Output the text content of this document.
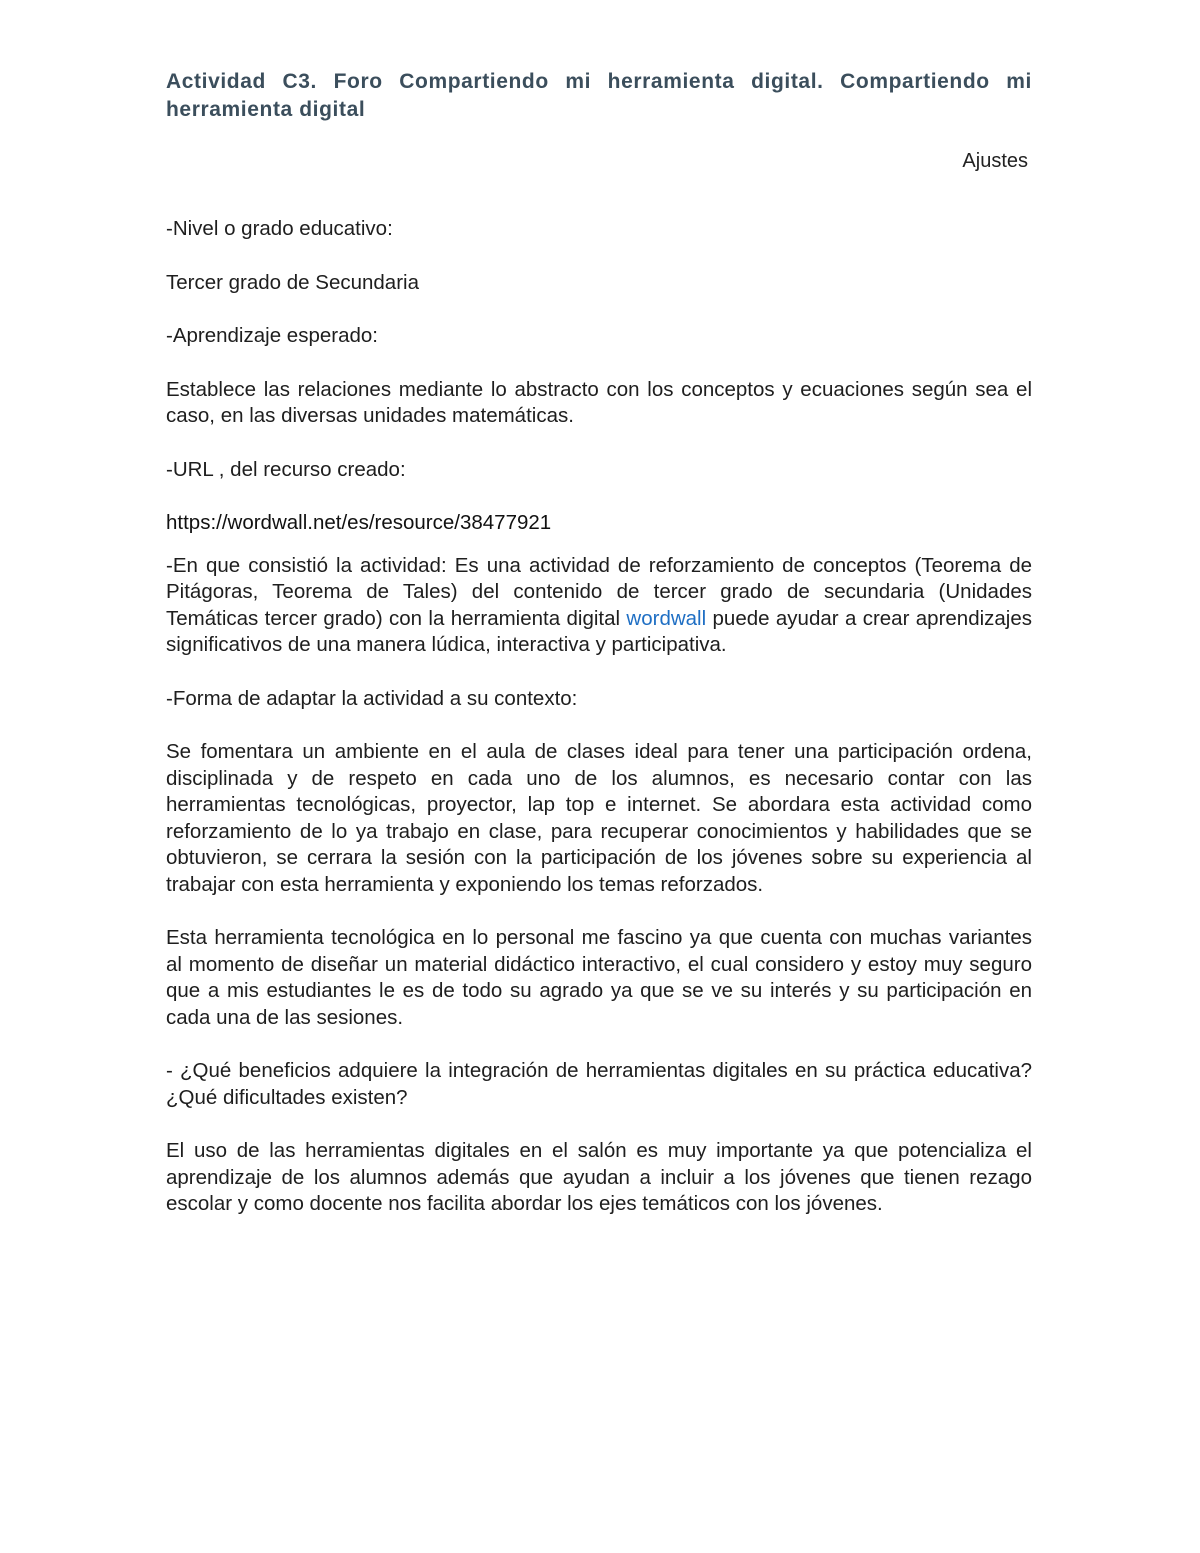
Actividad C3. Foro Compartiendo mi herramienta digital. Compartiendo mi herramienta digital
Ajustes

-Nivel o grado educativo:

Tercer grado de Secundaria

-Aprendizaje esperado:

Establece las relaciones mediante lo abstracto con los conceptos y ecuaciones según sea el caso, en las diversas unidades matemáticas.

-URL , del recurso creado:

https://wordwall.net/es/resource/38477921

-En que consistió la actividad: Es una actividad de reforzamiento de conceptos (Teorema de Pitágoras, Teorema de Tales) del contenido de tercer grado de secundaria (Unidades Temáticas tercer grado) con la herramienta digital wordwall puede ayudar a crear aprendizajes significativos de una manera lúdica, interactiva y participativa.

-Forma de adaptar la actividad a su contexto:

Se fomentara un ambiente en el aula de clases ideal para tener una participación ordena, disciplinada y de respeto en cada uno de los alumnos, es necesario contar con las herramientas tecnológicas, proyector, lap top e internet. Se abordara esta actividad como reforzamiento de lo ya trabajo en clase, para recuperar conocimientos y habilidades que se obtuvieron, se cerrara la sesión con la participación de los jóvenes sobre su experiencia al trabajar con esta herramienta y exponiendo los temas reforzados.

Esta herramienta tecnológica en lo personal me fascino ya que cuenta con muchas variantes al momento de diseñar un material didáctico interactivo, el cual considero y estoy muy seguro que a mis estudiantes le es de todo su agrado ya que se ve su interés y su participación en cada una de las sesiones.

- ¿Qué beneficios adquiere la integración de herramientas digitales en su práctica educativa? ¿Qué dificultades existen?

El uso de las herramientas digitales en el salón es muy importante ya que potencializa el aprendizaje de los alumnos además que ayudan a incluir a los jóvenes que tienen rezago escolar y como docente nos facilita abordar los ejes temáticos con los jóvenes.
